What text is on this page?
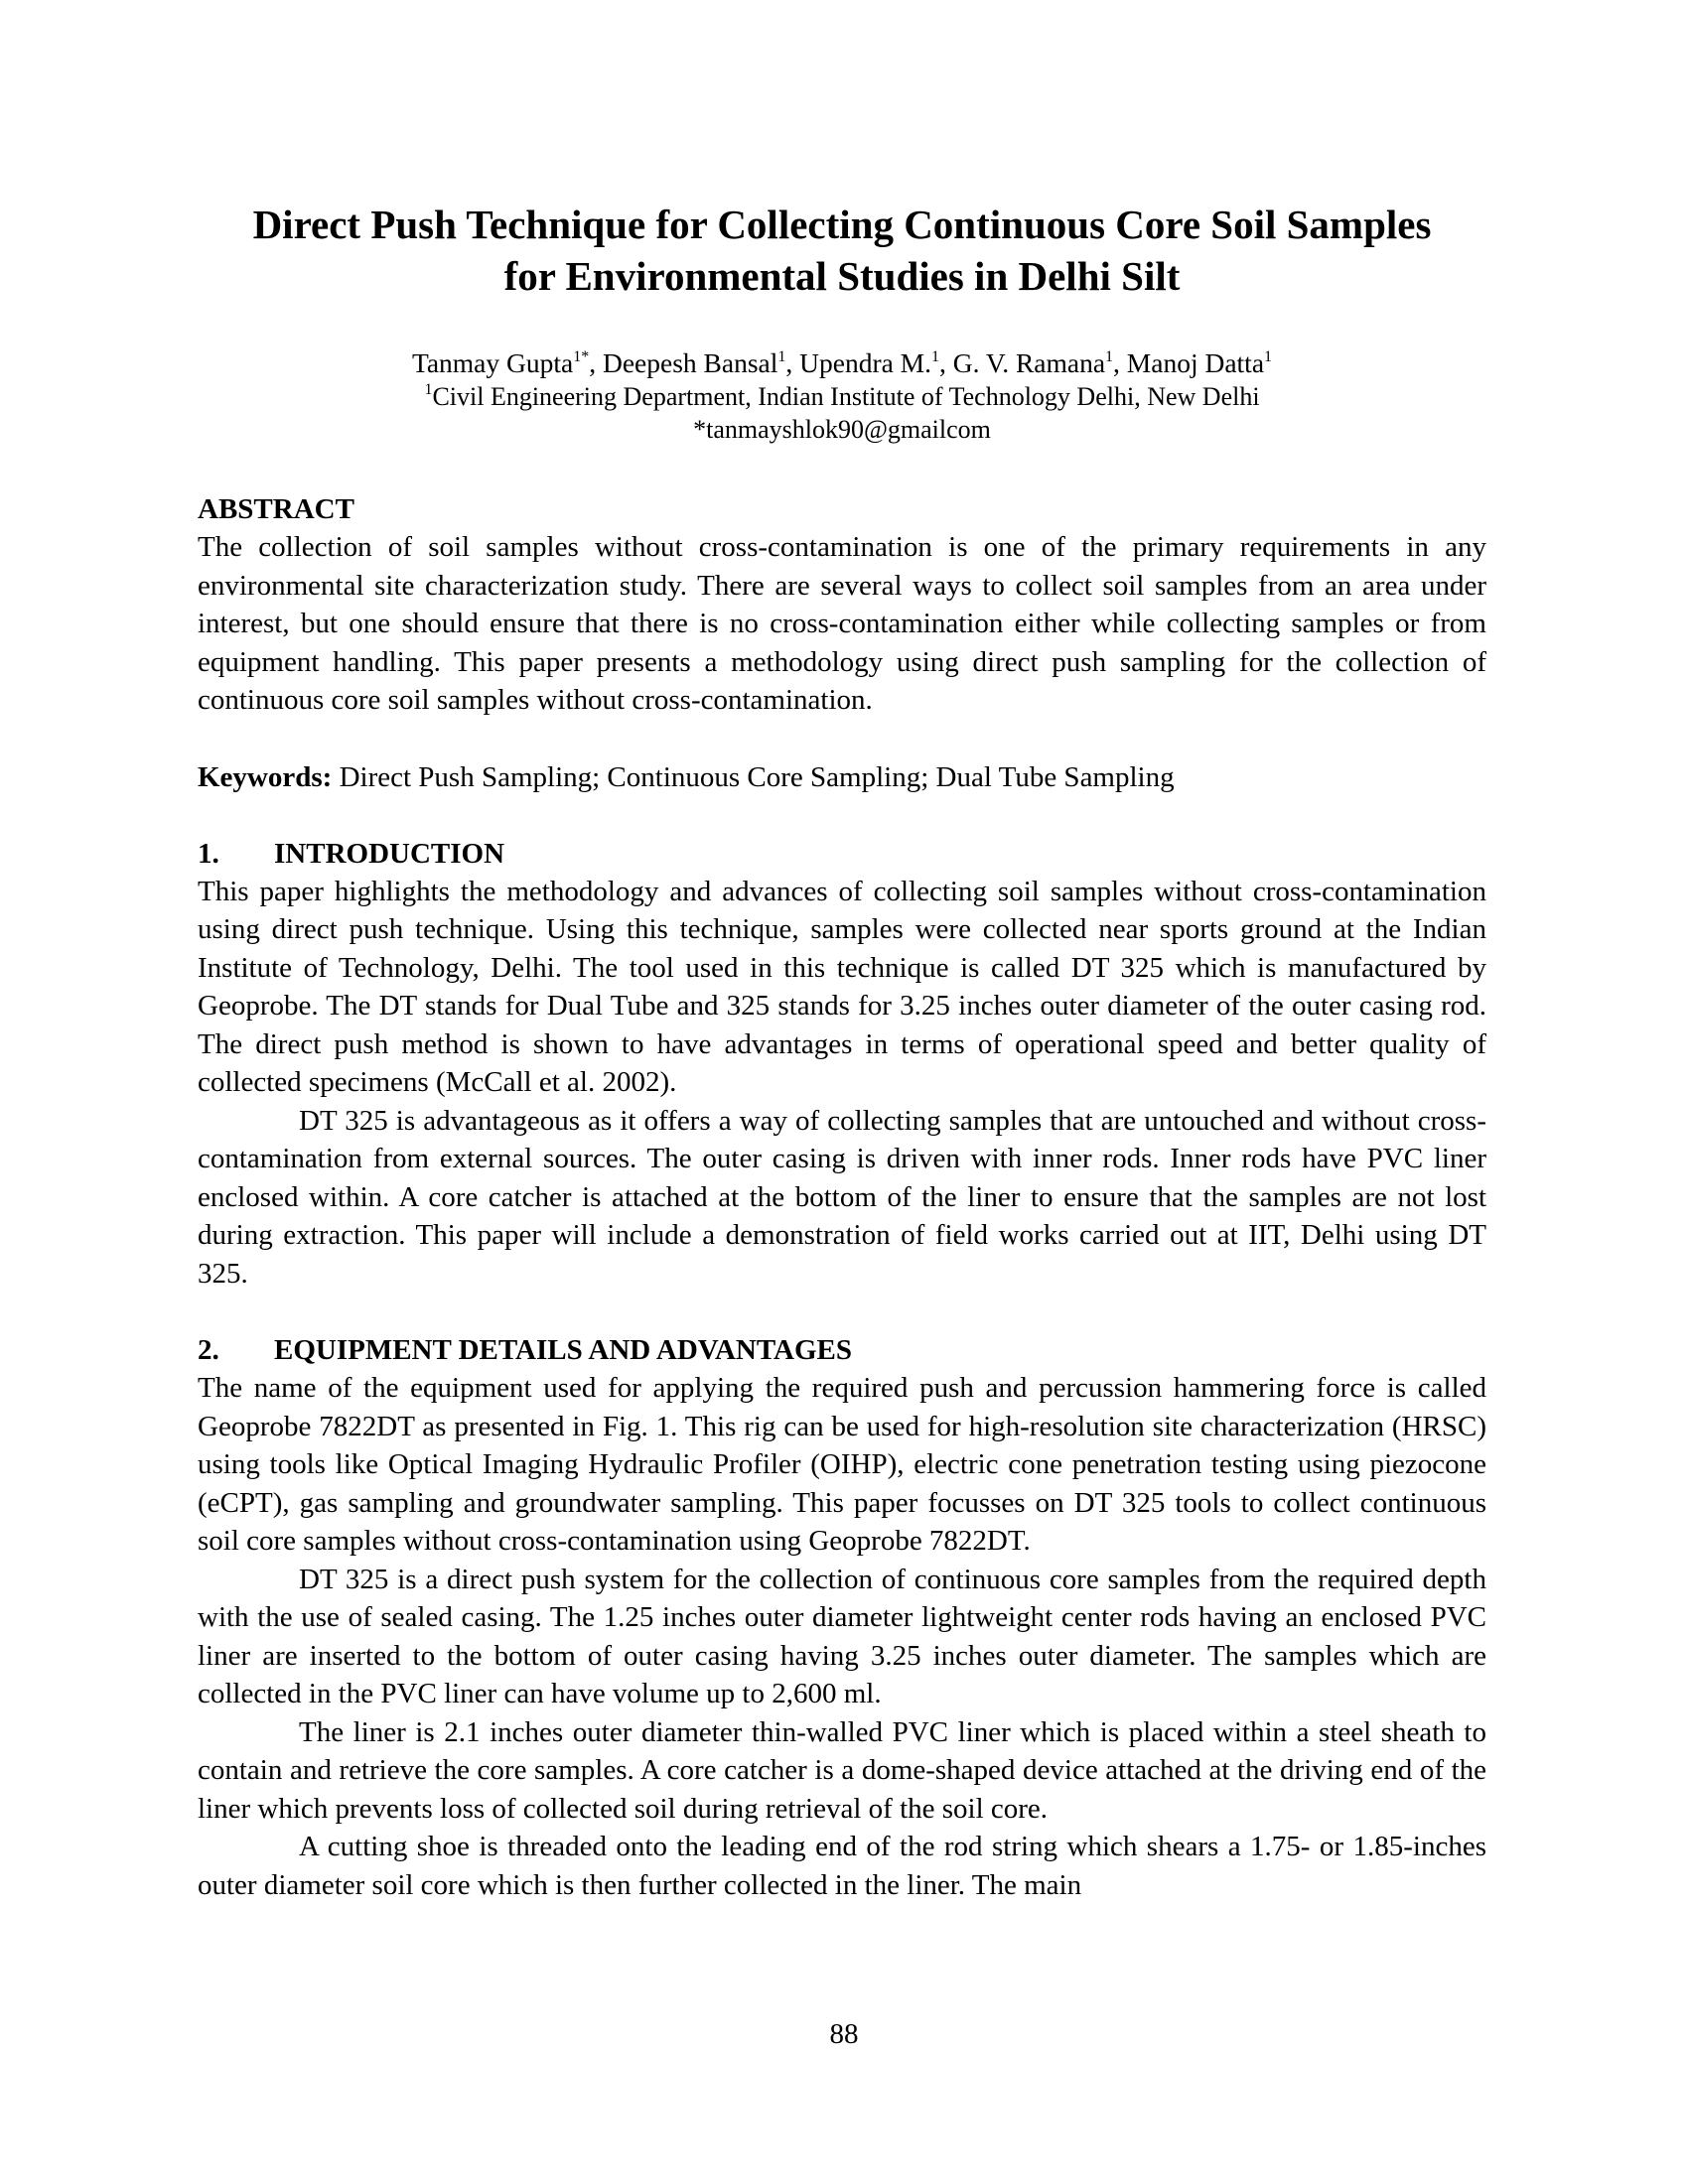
Direct Push Technique for Collecting Continuous Core Soil Samples
for Environmental Studies in Delhi Silt
Tanmay Gupta$^{1*}$, Deepesh Bansal$^1$, Upendra M.$^1$, G. V. Ramana$^1$, Manoj Datta$^1$
$^1$Civil Engineering Department, Indian Institute of Technology Delhi, New Delhi
*tanmayshlok90@gmailcom
ABSTRACT

The collection of soil samples without cross-contamination is one of the primary requirements in any environmental site characterization study. There are several ways to collect soil samples from an area under interest, but one should ensure that there is no cross-contamination either while collecting samples or from equipment handling. This paper presents a methodology using direct push sampling for the collection of continuous core soil samples without cross-contamination.

Keywords: Direct Push Sampling; Continuous Core Sampling; Dual Tube Sampling
1. INTRODUCTION

This paper highlights the methodology and advances of collecting soil samples without cross-contamination using direct push technique. Using this technique, samples were collected near sports ground at the Indian Institute of Technology, Delhi. The tool used in this technique is called DT 325 which is manufactured by Geoprobe. The DT stands for Dual Tube and 325 stands for 3.25 inches outer diameter of the outer casing rod. The direct push method is shown to have advantages in terms of operational speed and better quality of collected specimens (McCall et al. 2002).

DT 325 is advantageous as it offers a way of collecting samples that are untouched and without cross-contamination from external sources. The outer casing is driven with inner rods. Inner rods have PVC liner enclosed within. A core catcher is attached at the bottom of the liner to ensure that the samples are not lost during extraction. This paper will include a demonstration of field works carried out at IIT, Delhi using DT 325.

2. EQUIPMENT DETAILS AND ADVANTAGES

The name of the equipment used for applying the required push and percussion hammering force is called Geoprobe 7822DT as presented in Fig. 1. This rig can be used for high-resolution site characterization (HRSC) using tools like Optical Imaging Hydraulic Profiler (OIHP), electric cone penetration testing using piezocone (eCPT), gas sampling and groundwater sampling. This paper focusses on DT 325 tools to collect continuous soil core samples without cross-contamination using Geoprobe 7822DT.

DT 325 is a direct push system for the collection of continuous core samples from the required depth with the use of sealed casing. The 1.25 inches outer diameter lightweight center rods having an enclosed PVC liner are inserted to the bottom of outer casing having 3.25 inches outer diameter. The samples which are collected in the PVC liner can have volume up to 2,600 ml.

The liner is 2.1 inches outer diameter thin-walled PVC liner which is placed within a steel sheath to contain and retrieve the core samples. A core catcher is a dome-shaped device attached at the driving end of the liner which prevents loss of collected soil during retrieval of the soil core.

A cutting shoe is threaded onto the leading end of the rod string which shears a 1.75- or 1.85-inches outer diameter soil core which is then further collected in the liner. The main

88
